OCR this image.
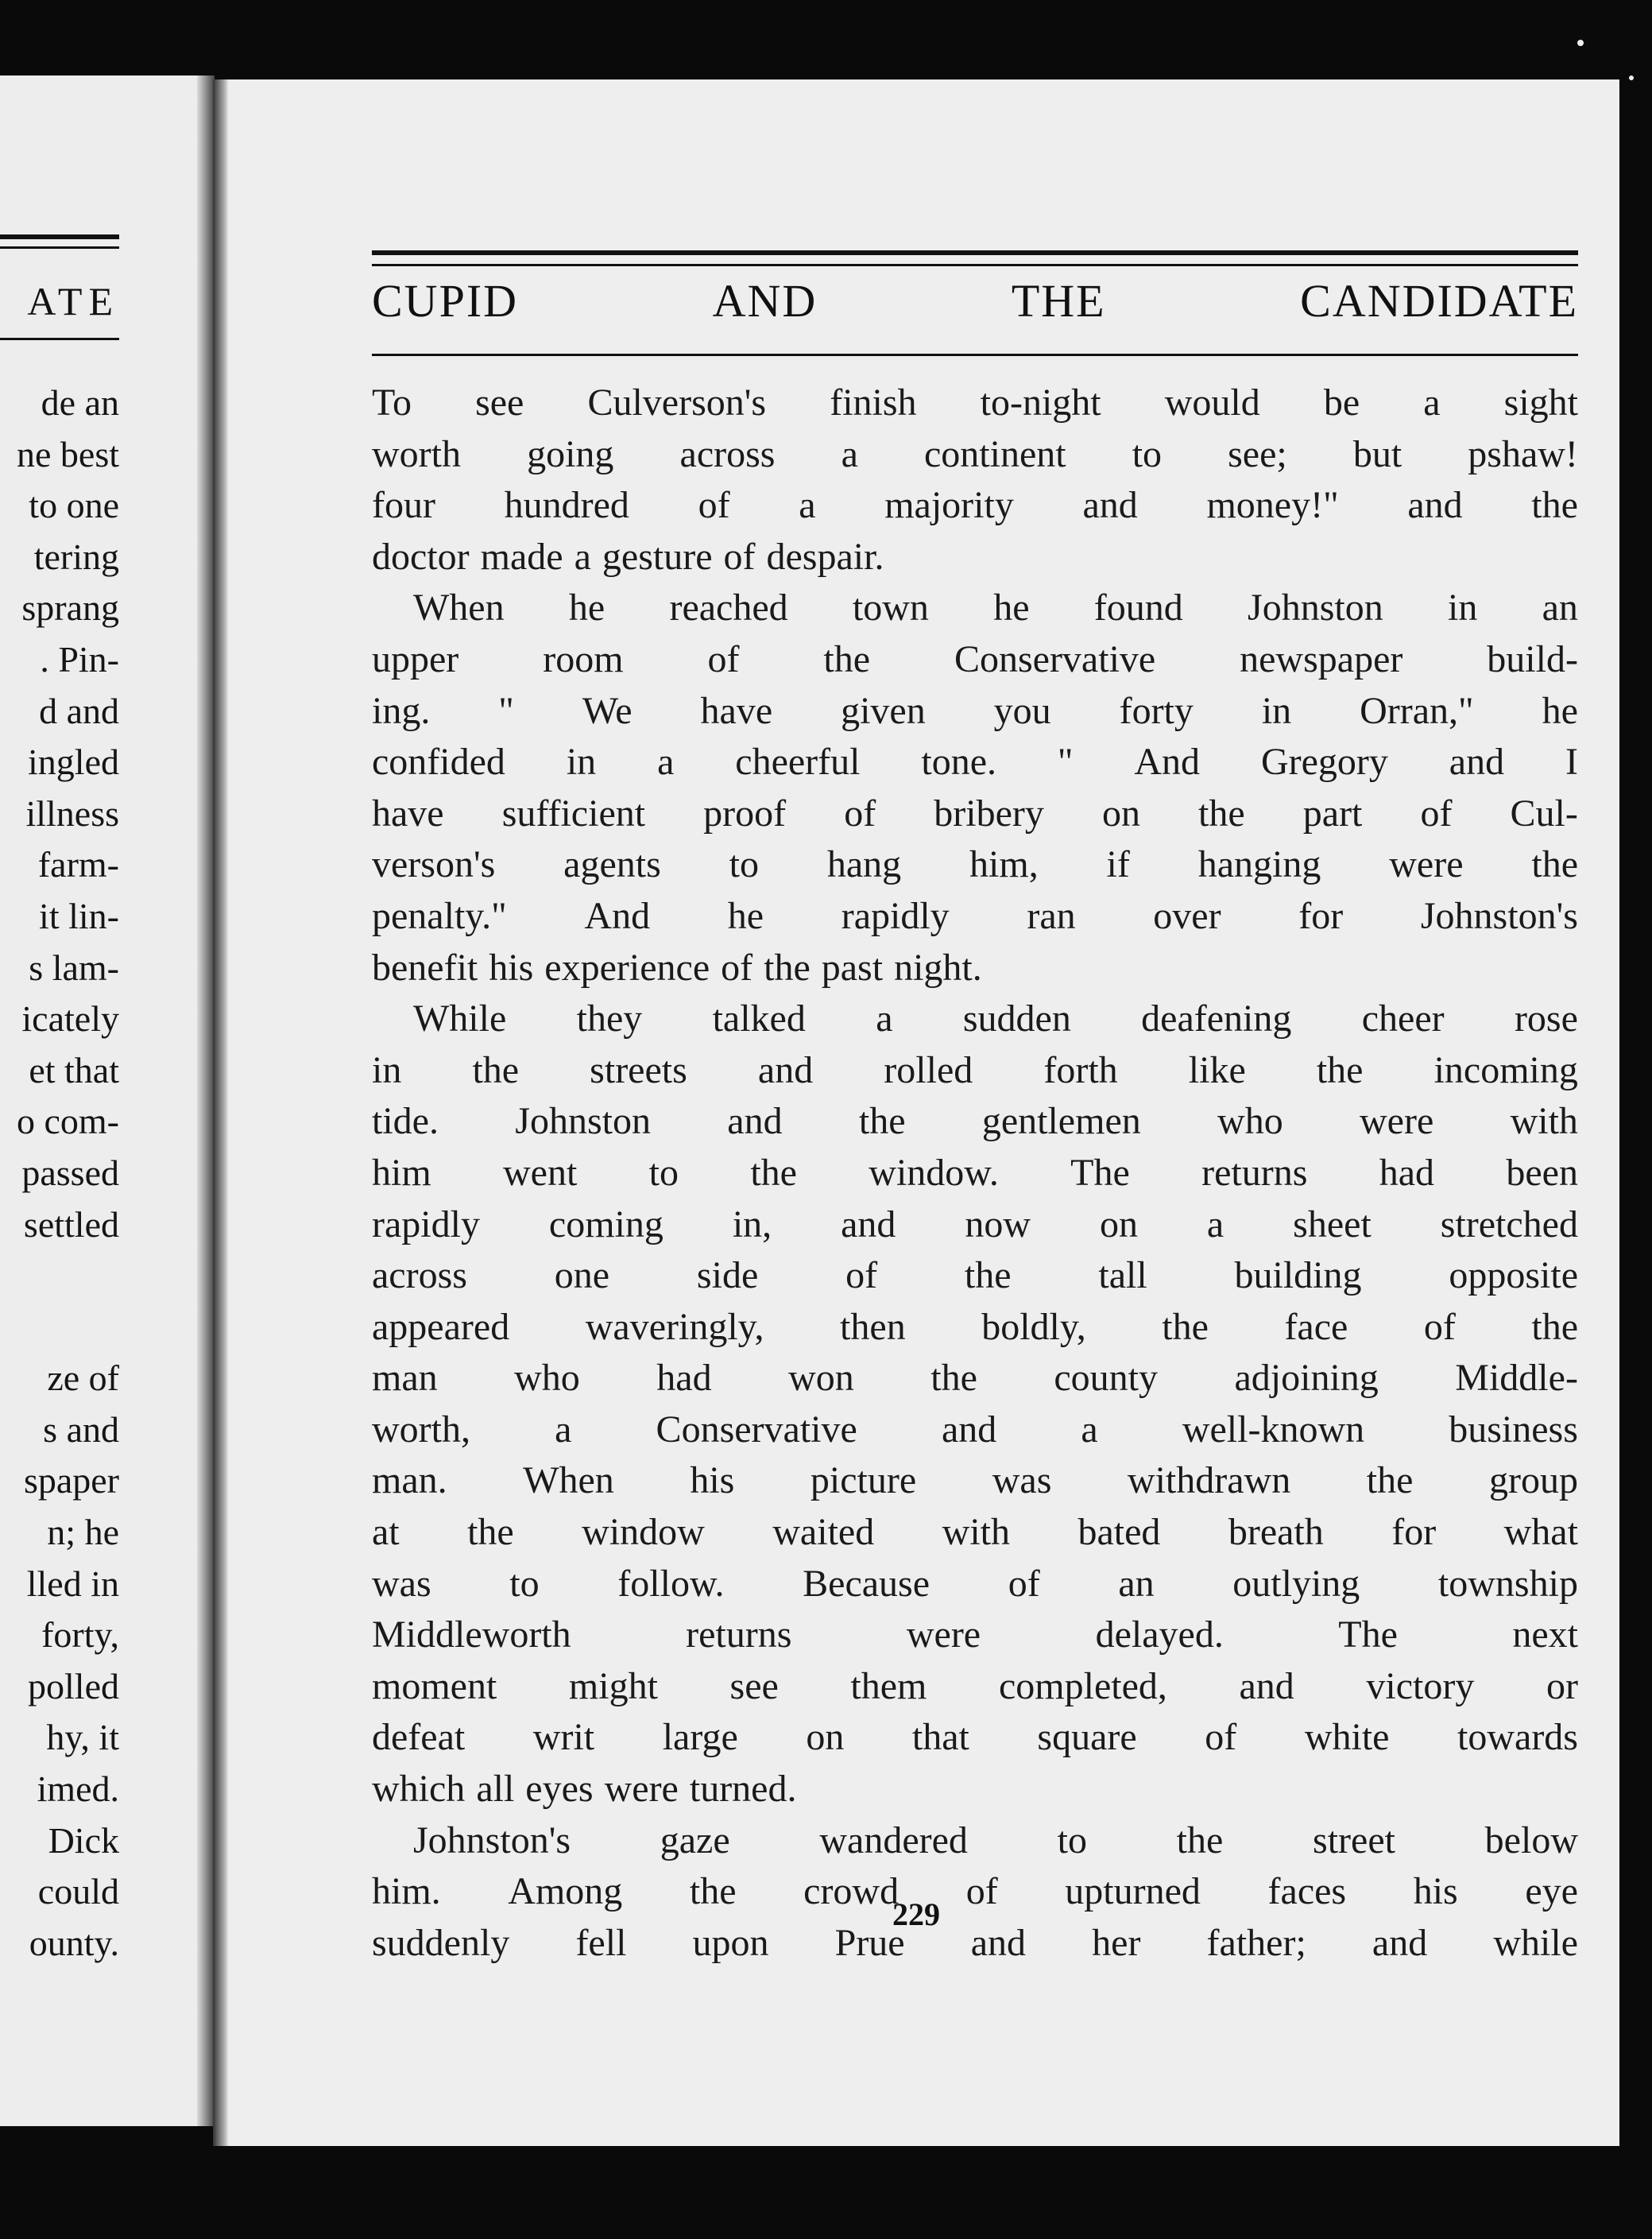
ATE
de an
ne best
to one
tering
sprang
. Pin-
d and
ingled
illness
farm-
it lin-
s lam-
icately
et that
o com-
passed
settled
ze of
s and
spaper
n; he
lled in
forty,
polled
hy, it
imed.
Dick
could
ounty.
CUPID	AND	THE	CANDIDATE
To see Culverson's finish to-night would be a sight
worth going across a continent to see; but pshaw!
four hundred of a majority and money!" and the
doctor made a gesture of despair.
When he reached town he found Johnston in an
upper room of the Conservative newspaper build-
ing. " We have given you forty in Orran," he
confided in a cheerful tone. " And Gregory and I
have sufficient proof of bribery on the part of Cul-
verson's agents to hang him, if hanging were the
penalty." And he rapidly ran over for Johnston's
benefit his experience of the past night.
While they talked a sudden deafening cheer rose
in the streets and rolled forth like the incoming
tide. Johnston and the gentlemen who were with
him went to the window. The returns had been
rapidly coming in, and now on a sheet stretched
across one side of the tall building opposite
appeared waveringly, then boldly, the face of the
man who had won the county adjoining Middle-
worth, a Conservative and a well-known business
man. When his picture was withdrawn the group
at the window waited with bated breath for what
was to follow. Because of an outlying township
Middleworth	returns	were	delayed.	The	next
moment might see them completed, and victory or
defeat writ large on that square of white towards
which all eyes were turned.
Johnston's gaze wandered to the street below
him. Among the crowd of upturned faces his eye
suddenly fell upon Prue and her father; and while
229
